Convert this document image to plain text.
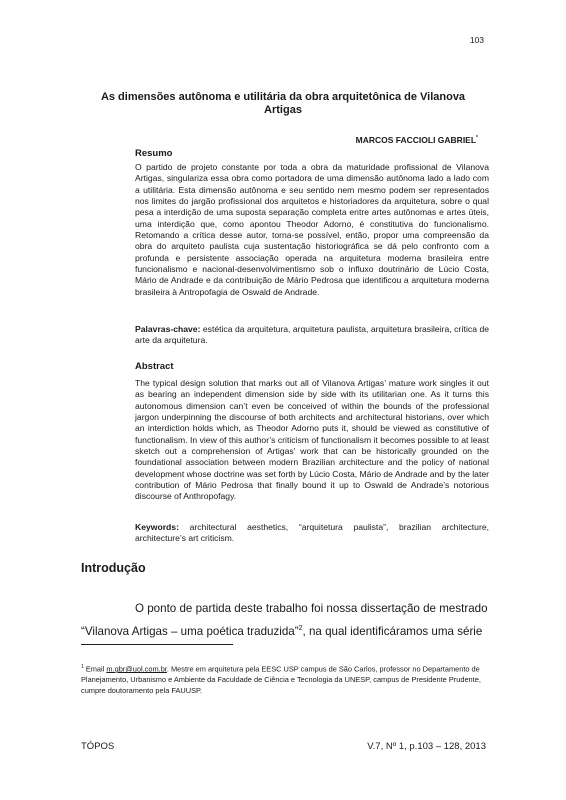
103
As dimensões autônoma e utilitária da obra arquitetônica de Vilanova Artigas
MARCOS FACCIOLI GABRIEL*
Resumo
O partido de projeto constante por toda a obra da maturidade profissional de Vilanova Artigas, singulariza essa obra como portadora de uma dimensão autônoma lado a lado com a utilitária. Esta dimensão autônoma e seu sentido nem mesmo podem ser representados nos limites do jargão profissional dos arquitetos e historiadores da arquitetura, sobre o qual pesa a interdição de uma suposta separação completa entre artes autônomas e artes úteis, uma interdição que, como apontou Theodor Adorno, é constitutiva do funcionalismo. Retomando a crítica desse autor, torna-se possível, então, propor uma compreensão da obra do arquiteto paulista cuja sustentação historiográfica se dá pelo confronto com a profunda e persistente associação operada na arquitetura moderna brasileira entre funcionalismo e nacional-desenvolvimentismo sob o influxo doutrinário de Lúcio Costa, Mário de Andrade e da contribuição de Mário Pedrosa que identificou a arquitetura moderna brasileira à Antropofagia de Oswald de Andrade.
Palavras-chave: estética da arquitetura, arquitetura paulista, arquitetura brasileira, crítica de arte da arquitetura.
Abstract
The typical design solution that marks out all of Vilanova Artigas’ mature work singles it out as bearing an independent dimension side by side with its utilitarian one. As it turns this autonomous dimension can’t even be conceived of within the bounds of the professional jargon underpinning the discourse of both architects and architectural historians, over which an interdiction holds which, as Theodor Adorno puts it, should be viewed as constitutive of functionalism. In view of this author’s criticism of functionalism it becomes possible to at least sketch out a comprehension of Artigas’ work that can be historically grounded on the foundational association between modern Brazilian architecture and the policy of national development whose doctrine was set forth by Lúcio Costa, Mário de Andrade and by the later contribution of Mário Pedrosa that finally bound it up to Oswald de Andrade’s notorious discourse of Anthropofagy.
Keywords: architectural aesthetics, “arquitetura paulista”, brazilian architecture, architecture’s art criticism.
Introdução
O ponto de partida deste trabalho foi nossa dissertação de mestrado
“Vilanova Artigas – uma poética traduzida”$^2$, na qual identificáramos uma série
$^1$ Email m.gbr@uol.com.br. Mestre em arquitetura pela EESC USP campus de São Carlos, professor no Departamento de Planejamento, Urbanismo e Ambiente da Faculdade de Ciência e Tecnologia da UNESP, campus de Presidente Prudente, cumpre doutoramento pela FAUUSP.
TÓPOS	V.7, Nº 1, p.103 – 128, 2013
